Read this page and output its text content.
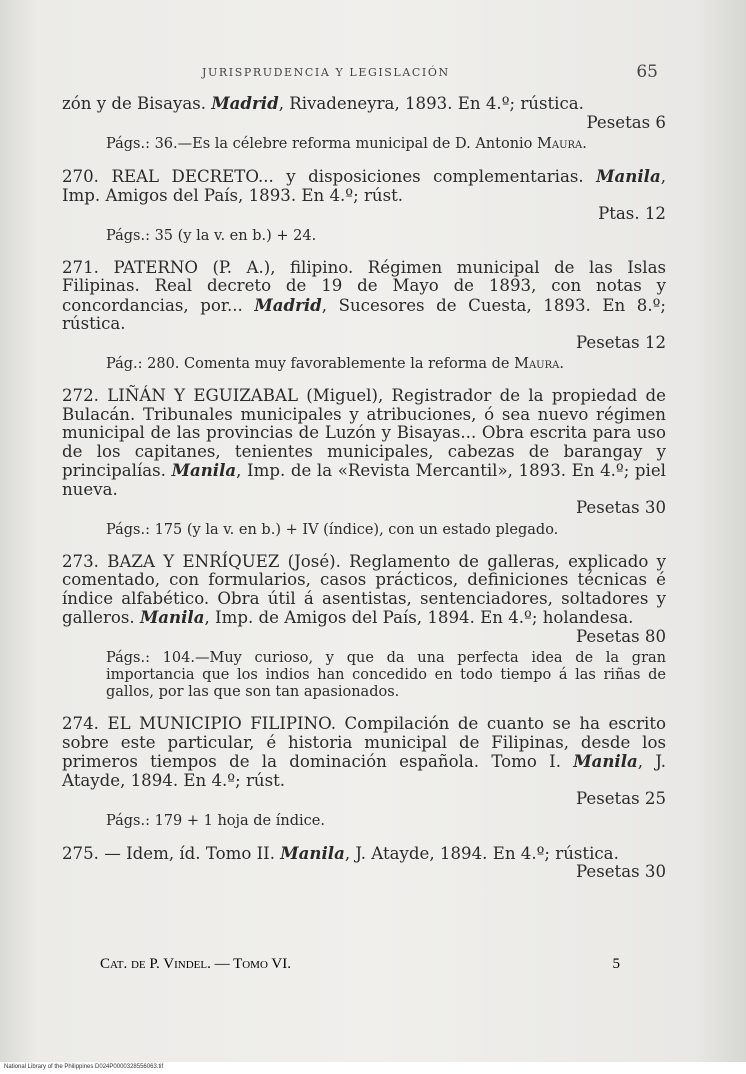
JURISPRUDENCIA Y LEGISLACIÓN	65
zón y de Bisayas. Madrid, Rivadeneyra, 1893. En 4.º; rústica.
Pesetas 6
Págs.: 36.—Es la célebre reforma municipal de D. Antonio Maura.
270. REAL DECRETO... y disposiciones complementarias. Manila, Imp. Amigos del País, 1893. En 4.º; rúst.
Ptas. 12
Págs.: 35 (y la v. en b.) + 24.
271. PATERNO (P. A.), filipino. Régimen municipal de las Islas Filipinas. Real decreto de 19 de Mayo de 1893, con notas y concordancias, por... Madrid, Sucesores de Cuesta, 1893. En 8.º; rústica.
Pesetas 12
Pág.: 280. Comenta muy favorablemente la reforma de Maura.
272. LIÑÁN Y EGUIZABAL (Miguel), Registrador de la propiedad de Bulacán. Tribunales municipales y atribuciones, ó sea nuevo régimen municipal de las provincias de Luzón y Bisayas... Obra escrita para uso de los capitanes, tenientes municipales, cabezas de barangay y principalías. Manila, Imp. de la «Revista Mercantil», 1893. En 4.º; piel nueva.
Pesetas 30
Págs.: 175 (y la v. en b.) + IV (índice), con un estado plegado.
273. BAZA Y ENRÍQUEZ (José). Reglamento de galleras, explicado y comentado, con formularios, casos prácticos, definiciones técnicas é índice alfabético. Obra útil á asentistas, sentenciadores, soltadores y galleros. Manila, Imp. de Amigos del País, 1894. En 4.º; holandesa.
Pesetas 80
Págs.: 104.—Muy curioso, y que da una perfecta idea de la gran importancia que los indios han concedido en todo tiempo á las riñas de gallos, por las que son tan apasionados.
274. EL MUNICIPIO FILIPINO. Compilación de cuanto se ha escrito sobre este particular, é historia municipal de Filipinas, desde los primeros tiempos de la dominación española. Tomo I. Manila, J. Atayde, 1894. En 4.º; rúst.
Pesetas 25
Págs.: 179 + 1 hoja de índice.
275. — Idem, íd. Tomo II. Manila, J. Atayde, 1894. En 4.º; rústica.
Pesetas 30
Cat. de P. Vindel. — Tomo VI.	5
National Library of the Philippines D024P0000328556063.tif
